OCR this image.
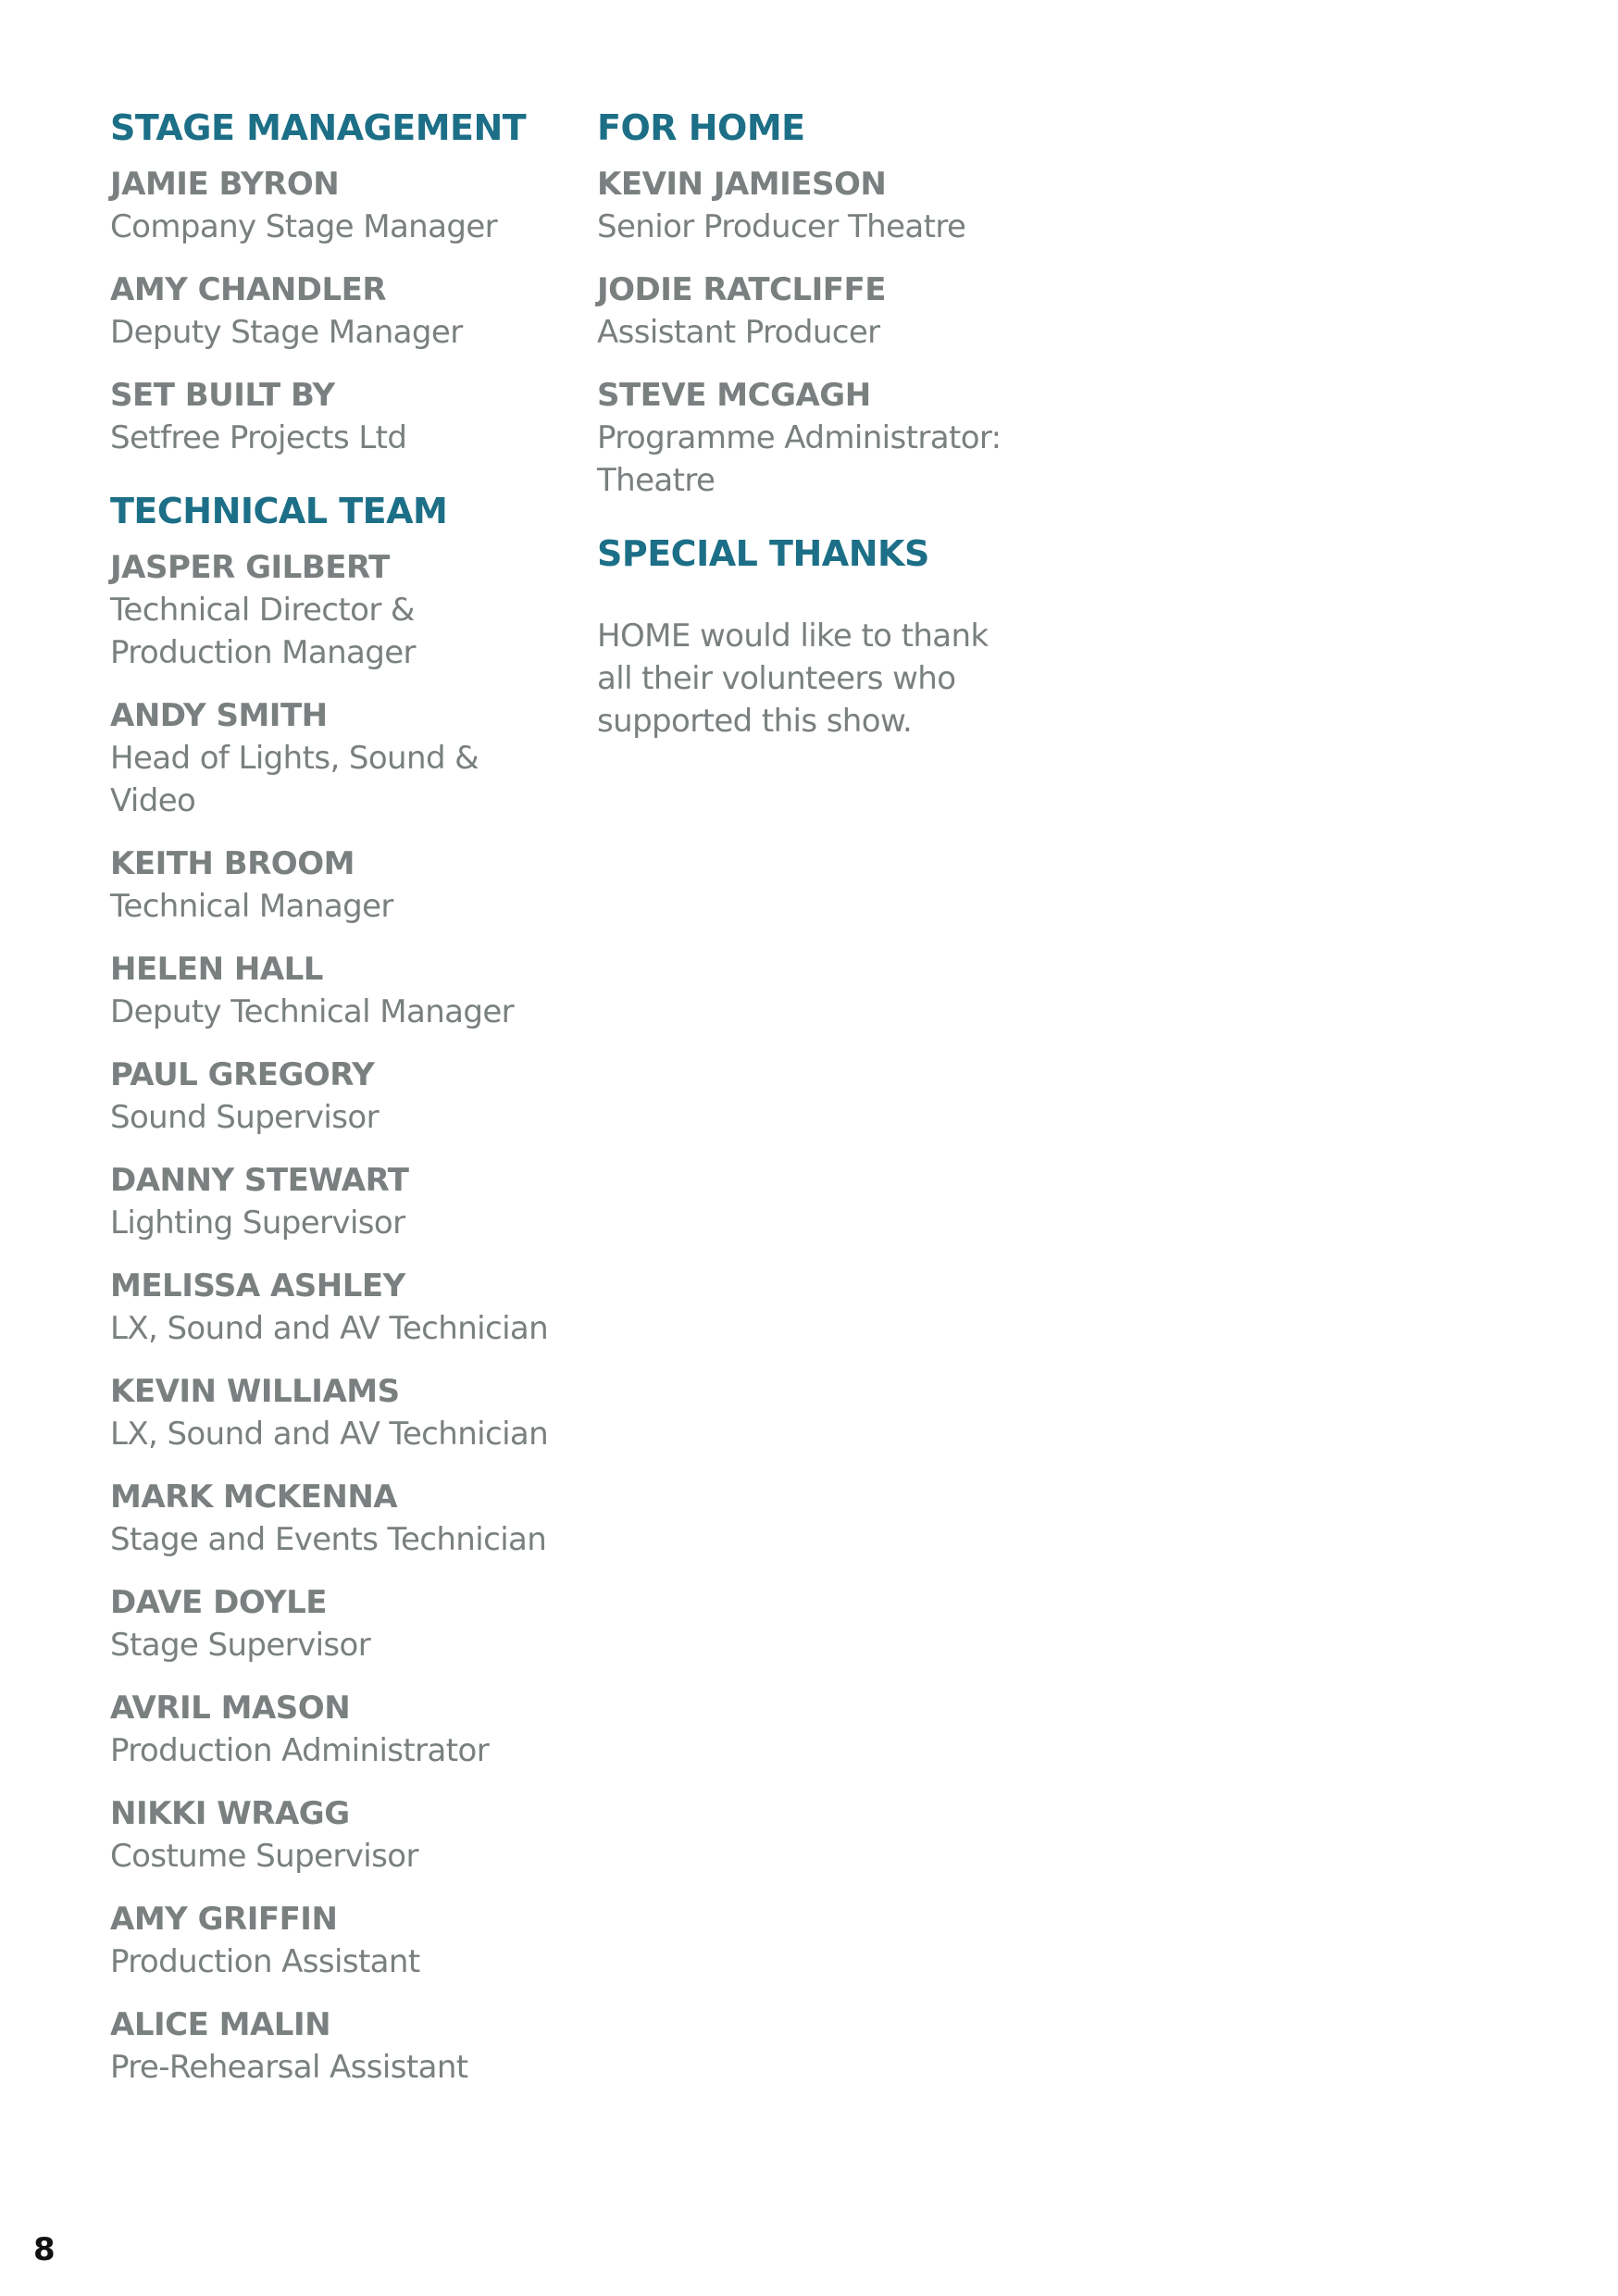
STAGE MANAGEMENT
JAMIE BYRON
Company Stage Manager
AMY CHANDLER
Deputy Stage Manager
SET BUILT BY
Setfree Projects Ltd
TECHNICAL TEAM
JASPER GILBERT
Technical Director & Production Manager
ANDY SMITH
Head of Lights, Sound & Video
KEITH BROOM
Technical Manager
HELEN HALL
Deputy Technical Manager
PAUL GREGORY
Sound Supervisor
DANNY STEWART
Lighting Supervisor
MELISSA ASHLEY
LX, Sound and AV Technician
KEVIN WILLIAMS
LX, Sound and AV Technician
MARK MCKENNA
Stage and Events Technician
DAVE DOYLE
Stage Supervisor
AVRIL MASON
Production Administrator
NIKKI WRAGG
Costume Supervisor
AMY GRIFFIN
Production Assistant
ALICE MALIN
Pre-Rehearsal Assistant
FOR HOME
KEVIN JAMIESON
Senior Producer Theatre
JODIE RATCLIFFE
Assistant Producer
STEVE MCGAGH
Programme Administrator: Theatre
SPECIAL THANKS
HOME would like to thank all their volunteers who supported this show.
8
